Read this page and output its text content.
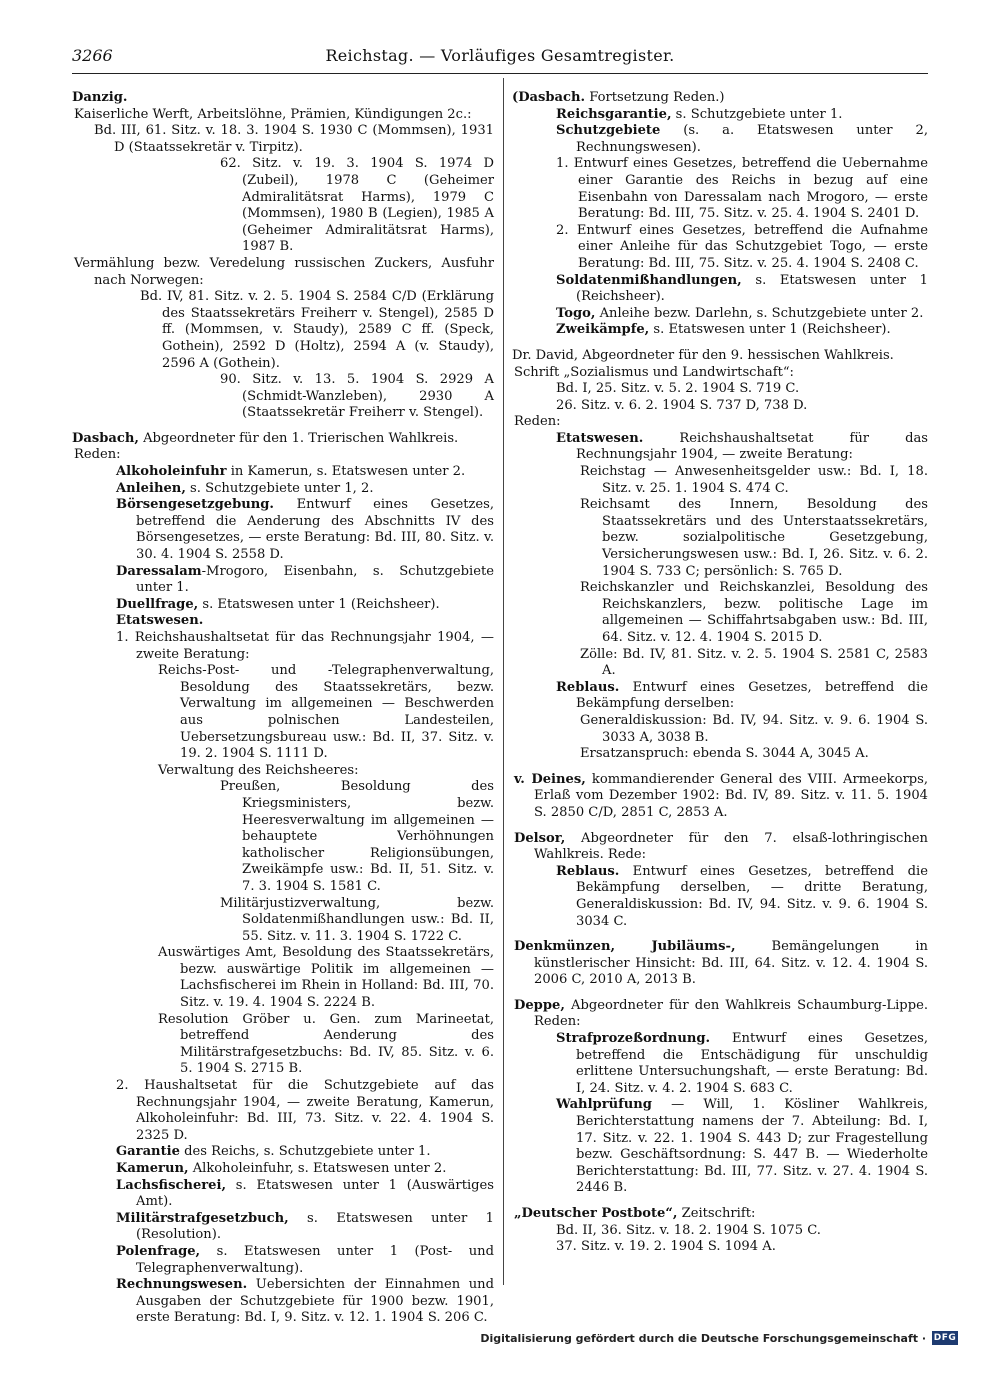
3266	Reichstag. — Vorläufiges Gesamtregister.
Danzig.
Kaiserliche Werft, Arbeitslöhne, Prämien, Kündigungen 2c.:
Bd. III, 61. Sitz. v. 18. 3. 1904 S. 1930 C (Mommsen), 1931 D (Staatssekretär v. Tirpitz).
62. Sitz. v. 19. 3. 1904 S. 1974 D (Zubeil), 1978 C (Geheimer Admiralitätsrat Harms), 1979 C (Mommsen), 1980 B (Legien), 1985 A (Geheimer Admiralitätsrat Harms), 1987 B.
Vermählung bezw. Veredelung russischen Zuckers, Ausfuhr nach Norwegen:
Bd. IV, 81. Sitz. v. 2. 5. 1904 S. 2584 C/D (Erklärung des Staatssekretärs Freiherr v. Stengel), 2585 D ff. (Mommsen, v. Staudy), 2589 C ff. (Speck, Gothein), 2592 D (Holtz), 2594 A (v. Staudy), 2596 A (Gothein).
90. Sitz. v. 13. 5. 1904 S. 2929 A (Schmidt-Wanzleben), 2930 A (Staatssekretär Freiherr v. Stengel).
Dasbach, Abgeordneter für den 1. Trierischen Wahlkreis.
Reden:
Alkoholeinfuhr in Kamerun, s. Etatswesen unter 2.
Anleihen, s. Schutzgebiete unter 1, 2.
Börsengesetzgebung. Entwurf eines Gesetzes, betreffend die Aenderung des Abschnitts IV des Börsengesetzes, — erste Beratung: Bd. III, 80. Sitz. v. 30. 4. 1904 S. 2558 D.
Daressalam-Mrogoro, Eisenbahn, s. Schutzgebiete unter 1.
Duellfrage, s. Etatswesen unter 1 (Reichsheer).
Etatswesen.
1. Reichshaushaltsetat für das Rechnungsjahr 1904, — zweite Beratung:
Reichs-Post- und -Telegraphenverwaltung, Besoldung des Staatssekretärs, bezw. Verwaltung im allgemeinen — Beschwerden aus polnischen Landesteilen, Uebersetzungsbureau usw.: Bd. II, 37. Sitz. v. 19. 2. 1904 S. 1111 D.
Verwaltung des Reichsheeres:
Preußen, Besoldung des Kriegsministers, bezw. Heeresverwaltung im allgemeinen — behauptete Verhöhnungen katholischer Religionsübungen, Zweikämpfe usw.: Bd. II, 51. Sitz. v. 7. 3. 1904 S. 1581 C.
Militärjustizverwaltung, bezw. Soldatenmißhandlungen usw.: Bd. II, 55. Sitz. v. 11. 3. 1904 S. 1722 C.
Auswärtiges Amt, Besoldung des Staatssekretärs, bezw. auswärtige Politik im allgemeinen — Lachsfischerei im Rhein in Holland: Bd. III, 70. Sitz. v. 19. 4. 1904 S. 2224 B.
Resolution Gröber u. Gen. zum Marineetat, betreffend Aenderung des Militärstrafgesetzbuchs: Bd. IV, 85. Sitz. v. 6. 5. 1904 S. 2715 B.
2. Haushaltsetat für die Schutzgebiete auf das Rechnungsjahr 1904, — zweite Beratung, Kamerun, Alkoholeinfuhr: Bd. III, 73. Sitz. v. 22. 4. 1904 S. 2325 D.
Garantie des Reichs, s. Schutzgebiete unter 1.
Kamerun, Alkoholeinfuhr, s. Etatswesen unter 2.
Lachsfischerei, s. Etatswesen unter 1 (Auswärtiges Amt).
Militärstrafgesetzbuch, s. Etatswesen unter 1 (Resolution).
Polenfrage, s. Etatswesen unter 1 (Post- und Telegraphenverwaltung).
Rechnungswesen. Uebersichten der Einnahmen und Ausgaben der Schutzgebiete für 1900 bezw. 1901, erste Beratung: Bd. I, 9. Sitz. v. 12. 1. 1904 S. 206 C.
(Dasbach. Fortsetzung Reden.)
Reichsgarantie, s. Schutzgebiete unter 1.
Schutzgebiete (s. a. Etatswesen unter 2, Rechnungswesen).
1. Entwurf eines Gesetzes, betreffend die Uebernahme einer Garantie des Reichs in bezug auf eine Eisenbahn von Daressalam nach Mrogoro, — erste Beratung: Bd. III, 75. Sitz. v. 25. 4. 1904 S. 2401 D.
2. Entwurf eines Gesetzes, betreffend die Aufnahme einer Anleihe für das Schutzgebiet Togo, — erste Beratung: Bd. III, 75. Sitz. v. 25. 4. 1904 S. 2408 C.
Soldatenmißhandlungen, s. Etatswesen unter 1 (Reichsheer).
Togo, Anleihe bezw. Darlehn, s. Schutzgebiete unter 2.
Zweikämpfe, s. Etatswesen unter 1 (Reichsheer).
Dr. David, Abgeordneter für den 9. hessischen Wahlkreis.
Schrift „Sozialismus und Landwirtschaft“:
Bd. I, 25. Sitz. v. 5. 2. 1904 S. 719 C.
26. Sitz. v. 6. 2. 1904 S. 737 D, 738 D.
Reden:
Etatswesen. Reichshaushaltsetat für das Rechnungsjahr 1904, — zweite Beratung:
Reichstag — Anwesenheitsgelder usw.: Bd. I, 18. Sitz. v. 25. 1. 1904 S. 474 C.
Reichsamt des Innern, Besoldung des Staatssekretärs und des Unterstaatssekretärs, bezw. sozialpolitische Gesetzgebung, Versicherungswesen usw.: Bd. I, 26. Sitz. v. 6. 2. 1904 S. 733 C; persönlich: S. 765 D.
Reichskanzler und Reichskanzlei, Besoldung des Reichskanzlers, bezw. politische Lage im allgemeinen — Schiffahrtsabgaben usw.: Bd. III, 64. Sitz. v. 12. 4. 1904 S. 2015 D.
Zölle: Bd. IV, 81. Sitz. v. 2. 5. 1904 S. 2581 C, 2583 A.
Reblaus. Entwurf eines Gesetzes, betreffend die Bekämpfung derselben:
Generaldiskussion: Bd. IV, 94. Sitz. v. 9. 6. 1904 S. 3033 A, 3038 B.
Ersatzanspruch: ebenda S. 3044 A, 3045 A.
v. Deines, kommandierender General des VIII. Armeekorps, Erlaß vom Dezember 1902: Bd. IV, 89. Sitz. v. 11. 5. 1904 S. 2850 C/D, 2851 C, 2853 A.
Delsor, Abgeordneter für den 7. elsaß-lothringischen Wahlkreis. Rede:
Reblaus. Entwurf eines Gesetzes, betreffend die Bekämpfung derselben, — dritte Beratung, Generaldiskussion: Bd. IV, 94. Sitz. v. 9. 6. 1904 S. 3034 C.
Denkmünzen, Jubiläums-, Bemängelungen in künstlerischer Hinsicht: Bd. III, 64. Sitz. v. 12. 4. 1904 S. 2006 C, 2010 A, 2013 B.
Deppe, Abgeordneter für den Wahlkreis Schaumburg-Lippe. Reden:
Strafprozeßordnung. Entwurf eines Gesetzes, betreffend die Entschädigung für unschuldig erlittene Untersuchungshaft, — erste Beratung: Bd. I, 24. Sitz. v. 4. 2. 1904 S. 683 C.
Wahlprüfung — Will, 1. Kösliner Wahlkreis, Berichterstattung namens der 7. Abteilung: Bd. I, 17. Sitz. v. 22. 1. 1904 S. 443 D; zur Fragestellung bezw. Geschäftsordnung: S. 447 B. — Wiederholte Berichterstattung: Bd. III, 77. Sitz. v. 27. 4. 1904 S. 2446 B.
„Deutscher Postbote“, Zeitschrift:
Bd. II, 36. Sitz. v. 18. 2. 1904 S. 1075 C.
37. Sitz. v. 19. 2. 1904 S. 1094 A.
Digitalisierung gefördert durch die Deutsche Forschungsgemeinschaft · DFG
